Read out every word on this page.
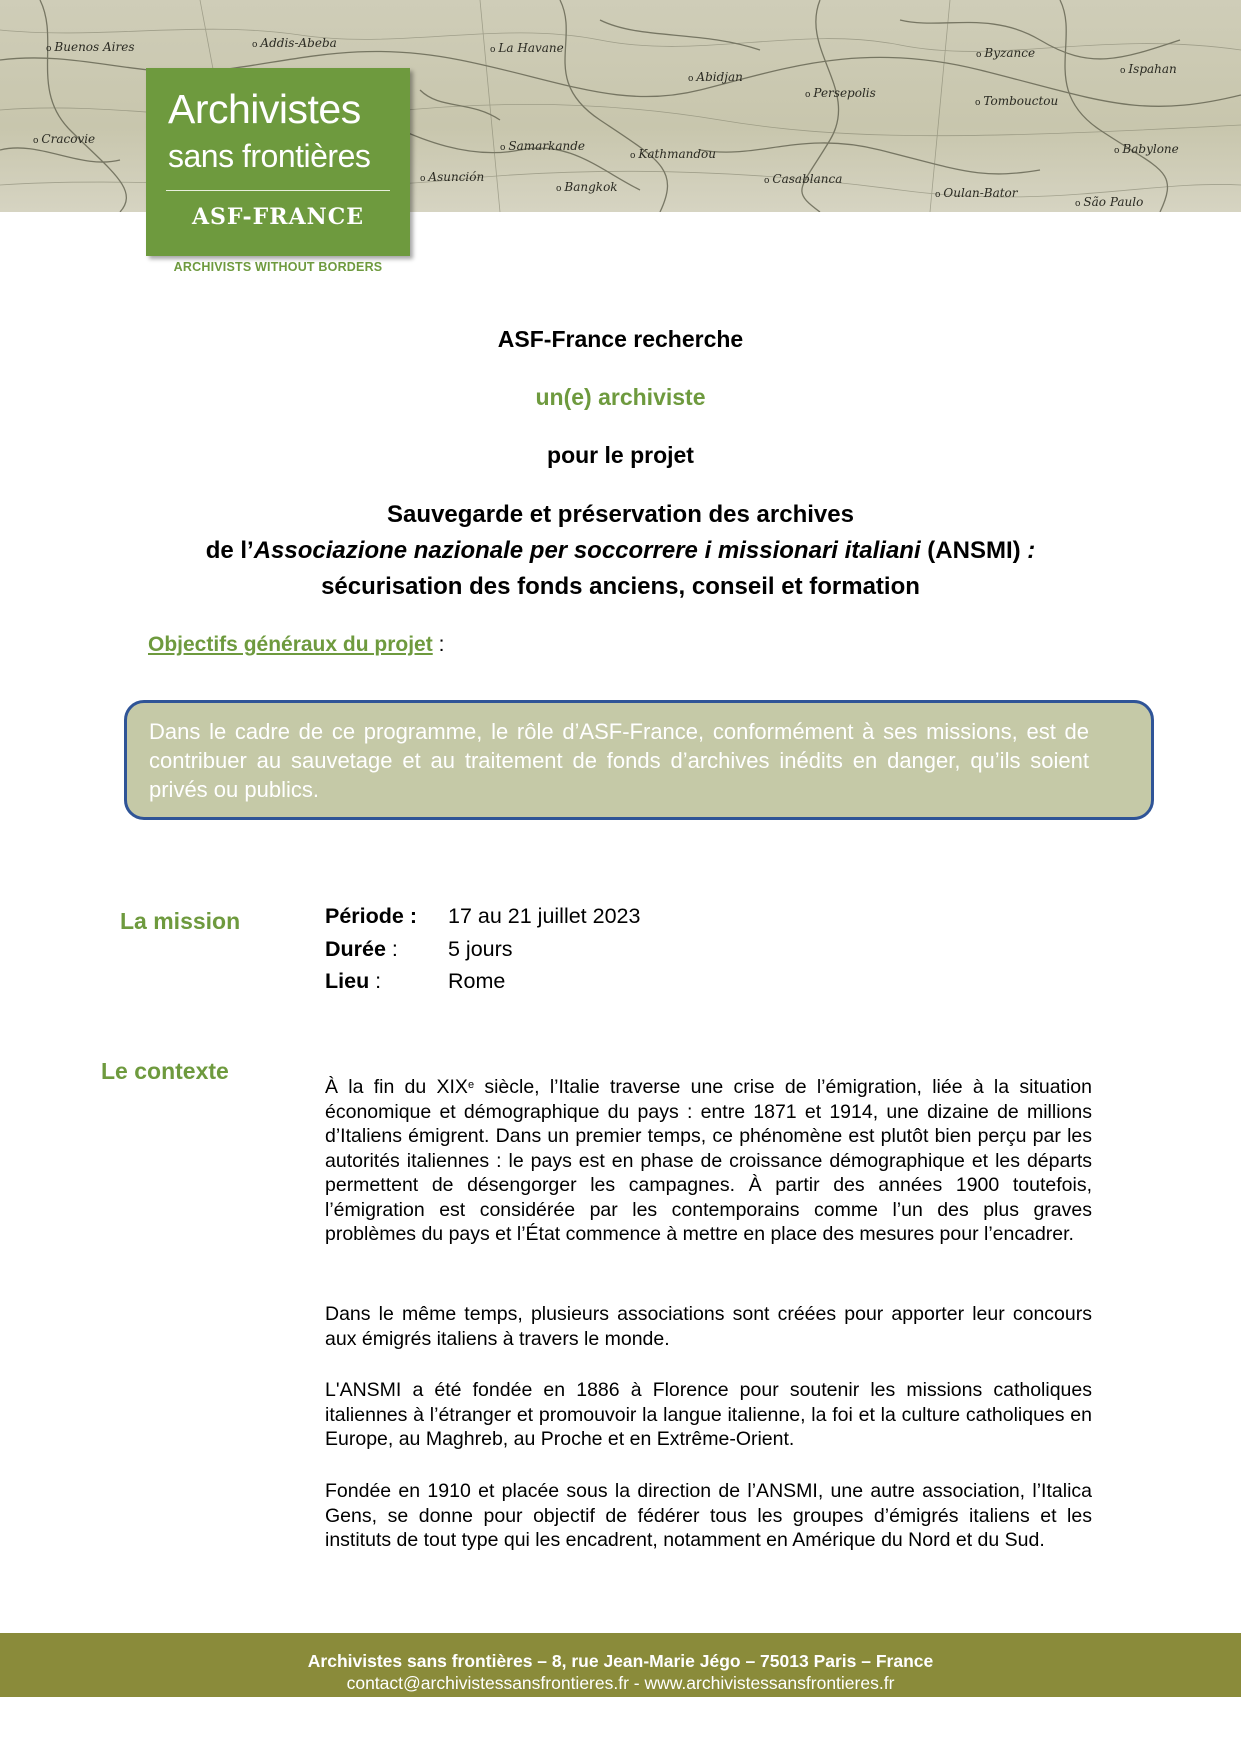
o Buenos Aires	o Addis-Abeba	o La Havane	o Byzance
o Ispahan
o Abidjan
o Persepolis
o Tombouctou
o Cracovie	o Samarkande
o Kathmandou	o Babylone
o Asunción
o Bangkok
o Casablanca
o Oulan-Bator
o São Paulo
Archivistes
sans frontières
ASF-FRANCE
ARCHIVISTS WITHOUT BORDERS
ASF-France recherche
un(e) archiviste
pour le projet
Sauvegarde et préservation des archives
de l’Associazione nazionale per soccorrere i missionari italiani (ANSMI) :
sécurisation des fonds anciens, conseil et formation
Objectifs généraux du projet :

Dans le cadre de ce programme, le rôle d’ASF-France, conformément à ses missions, est de contribuer au sauvetage et au traitement de fonds d’archives inédits en danger, qu’ils soient privés ou publics.

La mission	Période :	17 au 21 juillet 2023
Durée :	5 jours
Lieu :	Rome
Le contexte

À la fin du XIXe siècle, l’Italie traverse une crise de l’émigration, liée à la situation économique et démographique du pays : entre 1871 et 1914, une dizaine de millions d’Italiens émigrent. Dans un premier temps, ce phénomène est plutôt bien perçu par les autorités italiennes : le pays est en phase de croissance démographique et les départs permettent de désengorger les campagnes. À partir des années 1900 toutefois, l’émigration est considérée par les contemporains comme l’un des plus graves problèmes du pays et l’État commence à mettre en place des mesures pour l’encadrer.

Dans le même temps, plusieurs associations sont créées pour apporter leur concours aux émigrés italiens à travers le monde.

L'ANSMI a été fondée en 1886 à Florence pour soutenir les missions catholiques italiennes à l’étranger et promouvoir la langue italienne, la foi et la culture catholiques en Europe, au Maghreb, au Proche et en Extrême-Orient.

Fondée en 1910 et placée sous la direction de l’ANSMI, une autre association, l’Italica Gens, se donne pour objectif de fédérer tous les groupes d’émigrés italiens et les instituts de tout type qui les encadrent, notamment en Amérique du Nord et du Sud.

Archivistes sans frontières – 8, rue Jean-Marie Jégo – 75013 Paris – France
contact@archivistessansfrontieres.fr - www.archivistessansfrontieres.fr
